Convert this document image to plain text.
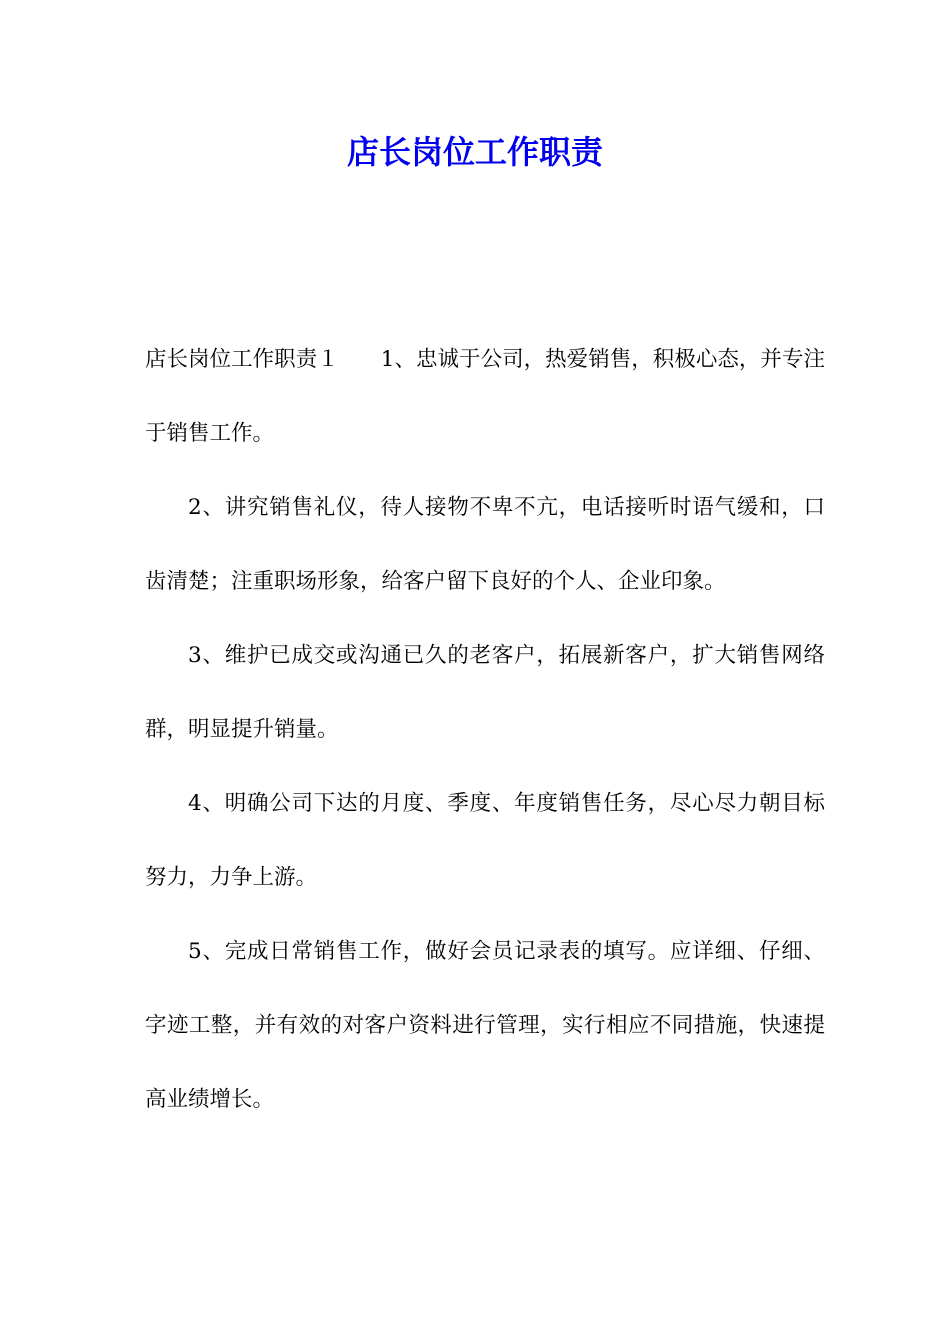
店长岗位工作职责

店长岗位工作职责１ 1、忠诚于公司，热爱销售，积极心态，并专注于销售工作。

2、讲究销售礼仪，待人接物不卑不亢，电话接听时语气缓和，口齿清楚；注重职场形象，给客户留下良好的个人、企业印象。

3、维护已成交或沟通已久的老客户，拓展新客户，扩大销售网络群，明显提升销量。

4、明确公司下达的月度、季度、年度销售任务，尽心尽力朝目标努力，力争上游。

5、完成日常销售工作，做好会员记录表的填写。应详细、仔细、字迹工整，并有效的对客户资料进行管理，实行相应不同措施，快速提高业绩增长。
